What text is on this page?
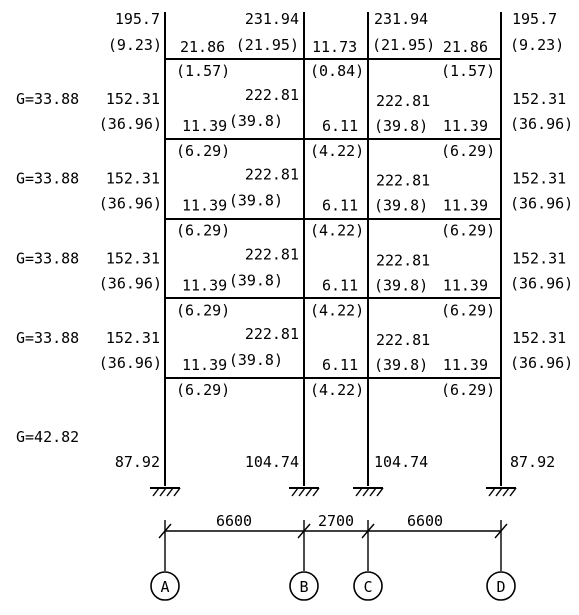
A	B	C	D
6600	2700	6600
195.7
(9.23) 21.86
231.94
(21.95) 11.73
231.94
(21.95) 21.86
195.7
(9.23)
(1.57)	(0.84)	(1.57)
G=42.82
87.92	104.74	104.74	87.92
G=33.88 152.31
(36.96) 11.39
222.81
(39.8)	6.11
222.81
(39.8) 11.39
152.31
(36.96)
(6.29)	(4.22)	(6.29)
G=33.88 152.31
(36.96) 11.39
222.81
(39.8)	6.11
222.81
(39.8) 11.39
152.31
(36.96)
(6.29)	(4.22)	(6.29)
G=33.88 152.31
(36.96) 11.39
222.81
(39.8)	6.11
222.81
(39.8) 11.39
152.31
(36.96)
(6.29)	(4.22)	(6.29)
G=33.88 152.31
(36.96) 11.39
222.81
(39.8)	6.11
222.81
(39.8) 11.39
152.31
(36.96)
(6.29)	(4.22)	(6.29)
